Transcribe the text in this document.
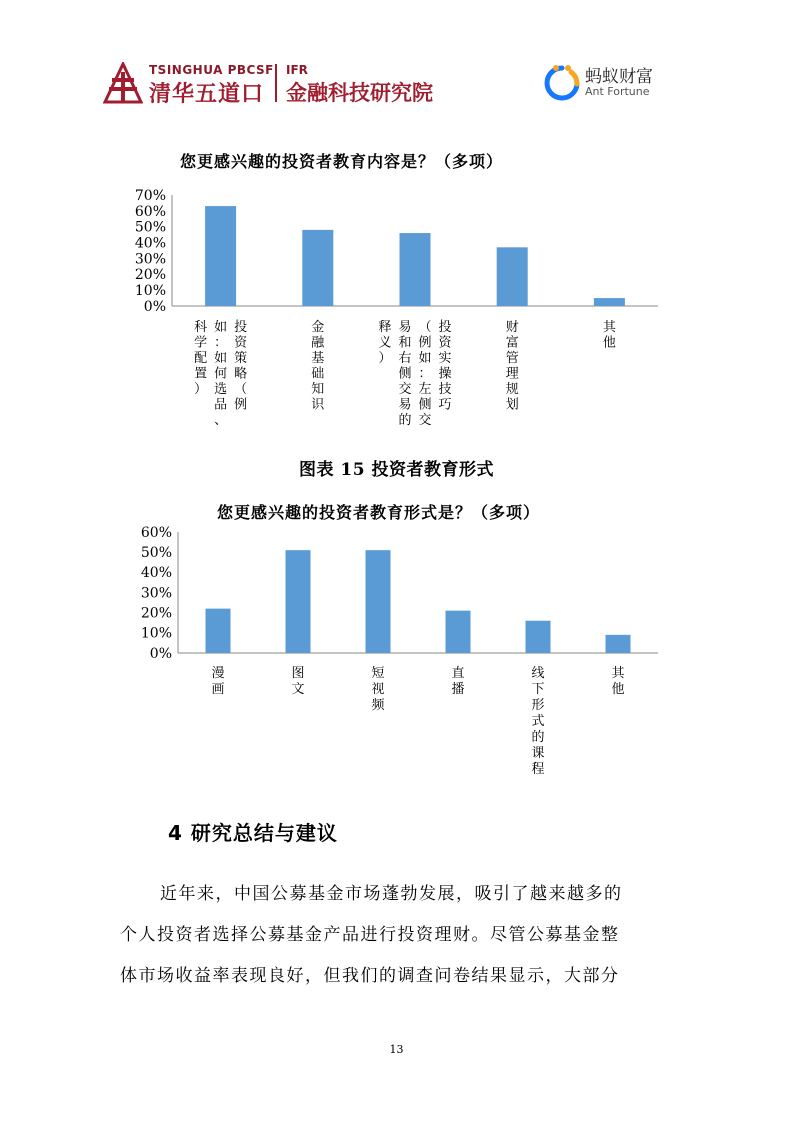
TSINGHUA PBCSF
清华五道口
IFR
金融科技研究院
蚂蚁财富
Ant Fortune
您更感兴趣的投资者教育内容是？（多项）
0%
10%
20%
30%
40%
50%
60%
70%
投资策略（例
如：如何选品、
科学配置）
金融基础知识
投资实操技巧
（例如：左侧交
易和右侧交易的
释义）
财富管理规划
其他
图表 15 投资者教育形式
您更感兴趣的投资者教育形式是？（多项）
0%
10%
20%
30%
40%
50%
60%
漫画
图文
短视频
直播
线下形式的课程
其他
4 研究总结与建议
近年来，中国公募基金市场蓬勃发展，吸引了越来越多的
个人投资者选择公募基金产品进行投资理财。尽管公募基金整
体市场收益率表现良好，但我们的调查问卷结果显示，大部分
13
